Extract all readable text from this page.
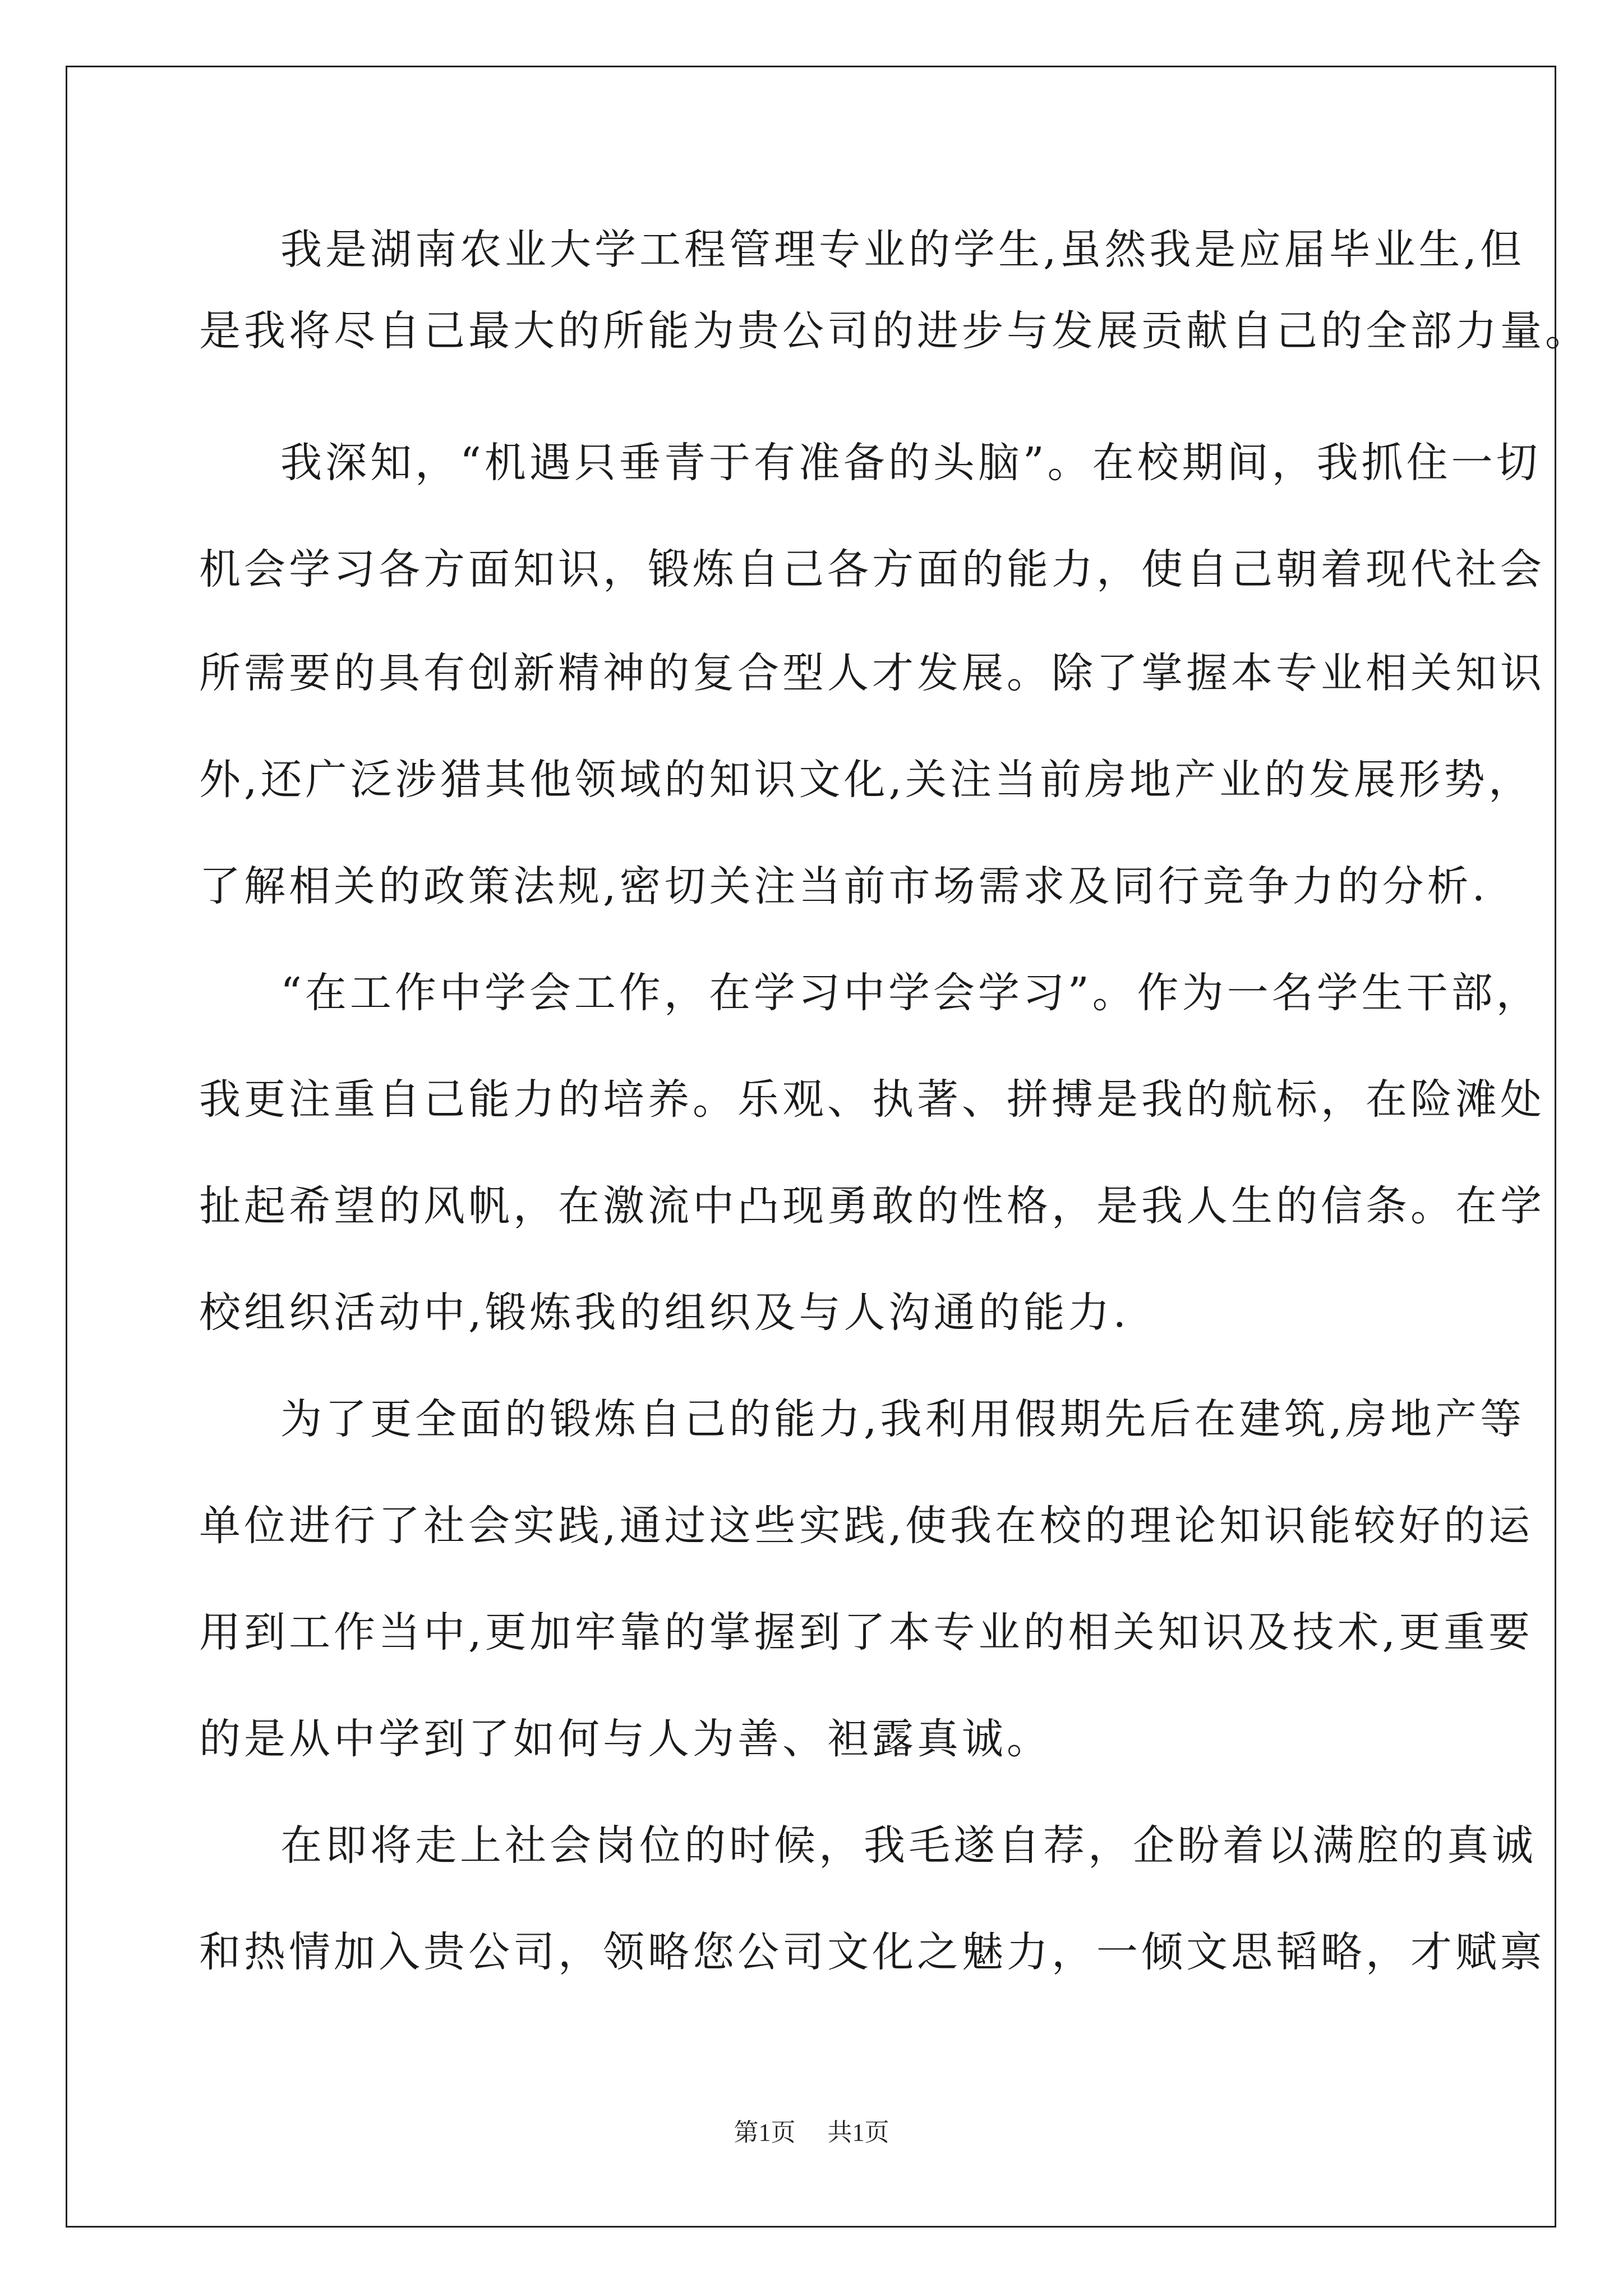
我是湖南农业大学工程管理专业的学生,虽然我是应届毕业生,但
是我将尽自己最大的所能为贵公司的进步与发展贡献自己的全部力量。
我深知，“机遇只垂青于有准备的头脑”。在校期间，我抓住一切
机会学习各方面知识，锻炼自己各方面的能力，使自己朝着现代社会
所需要的具有创新精神的复合型人才发展。除了掌握本专业相关知识
外,还广泛涉猎其他领域的知识文化,关注当前房地产业的发展形势，
了解相关的政策法规,密切关注当前市场需求及同行竞争力的分析.
“在工作中学会工作，在学习中学会学习”。作为一名学生干部，
我更注重自己能力的培养。乐观、执著、拼搏是我的航标，在险滩处
扯起希望的风帆，在激流中凸现勇敢的性格，是我人生的信条。在学
校组织活动中,锻炼我的组织及与人沟通的能力.
为了更全面的锻炼自己的能力,我利用假期先后在建筑,房地产等
单位进行了社会实践,通过这些实践,使我在校的理论知识能较好的运
用到工作当中,更加牢靠的掌握到了本专业的相关知识及技术,更重要
的是从中学到了如何与人为善、袒露真诚。
在即将走上社会岗位的时候，我毛遂自荐，企盼着以满腔的真诚
和热情加入贵公司，领略您公司文化之魅力，一倾文思韬略，才赋禀
第1页 共1页
